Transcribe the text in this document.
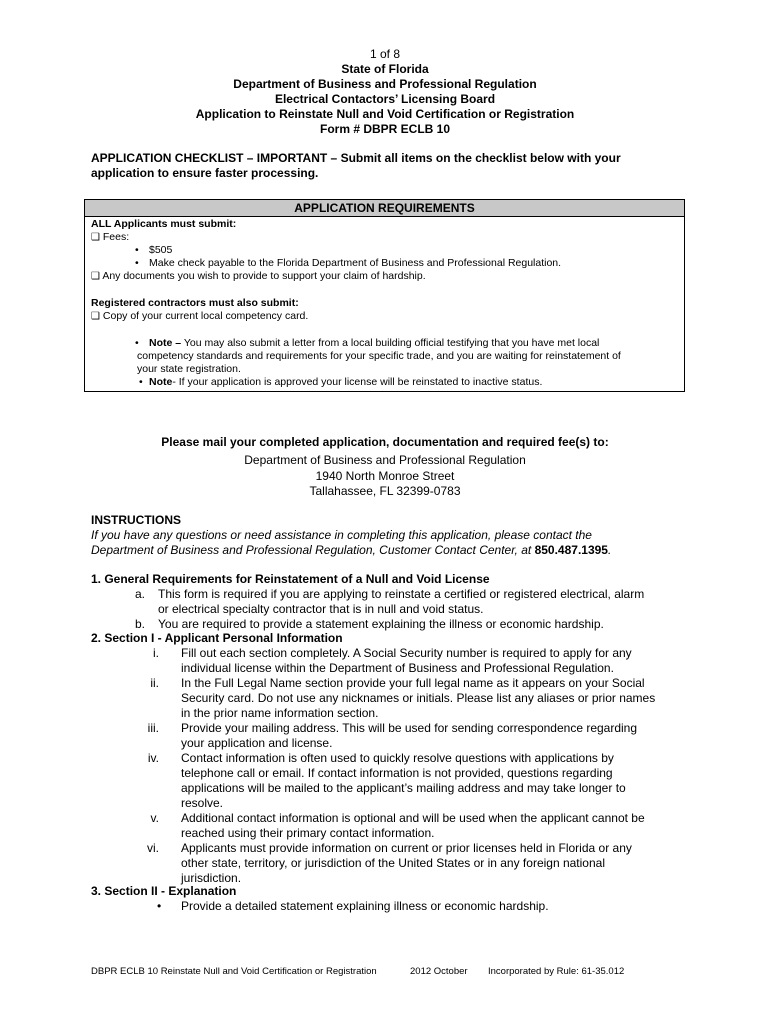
1 of 8
State of Florida
Department of Business and Professional Regulation
Electrical Contactors’ Licensing Board
Application to Reinstate Null and Void Certification or Registration
Form # DBPR ECLB 10
APPLICATION CHECKLIST – IMPORTANT – Submit all items on the checklist below with your
application to ensure faster processing.
APPLICATION REQUIREMENTS
ALL Applicants must submit:
❑ Fees:
• $505
• Make check payable to the Florida Department of Business and Professional Regulation.
❑ Any documents you wish to provide to support your claim of hardship.
Registered contractors must also submit:
❑ Copy of your current local competency card.
• Note – You may also submit a letter from a local building official testifying that you have met local
competency standards and requirements for your specific trade, and you are waiting for reinstatement of
your state registration.
• Note- If your application is approved your license will be reinstated to inactive status.
Please mail your completed application, documentation and required fee(s) to:
Department of Business and Professional Regulation
1940 North Monroe Street
Tallahassee, FL 32399-0783
INSTRUCTIONS
If you have any questions or need assistance in completing this application, please contact the
Department of Business and Professional Regulation, Customer Contact Center, at 850.487.1395.
1. General Requirements for Reinstatement of a Null and Void License
a. This form is required if you are applying to reinstate a certified or registered electrical, alarm
or electrical specialty contractor that is in null and void status.
b. You are required to provide a statement explaining the illness or economic hardship.
2. Section I - Applicant Personal Information
i. Fill out each section completely. A Social Security number is required to apply for any
individual license within the Department of Business and Professional Regulation.
ii. In the Full Legal Name section provide your full legal name as it appears on your Social
Security card. Do not use any nicknames or initials. Please list any aliases or prior names
in the prior name information section.
iii. Provide your mailing address. This will be used for sending correspondence regarding
your application and license.
iv. Contact information is often used to quickly resolve questions with applications by
telephone call or email. If contact information is not provided, questions regarding
applications will be mailed to the applicant’s mailing address and may take longer to
resolve.
v. Additional contact information is optional and will be used when the applicant cannot be
reached using their primary contact information.
vi. Applicants must provide information on current or prior licenses held in Florida or any
other state, territory, or jurisdiction of the United States or in any foreign national
jurisdiction.
3. Section II - Explanation
• Provide a detailed statement explaining illness or economic hardship.
DBPR ECLB 10 Reinstate Null and Void Certification or Registration	2012 October Incorporated by Rule: 61-35.012
